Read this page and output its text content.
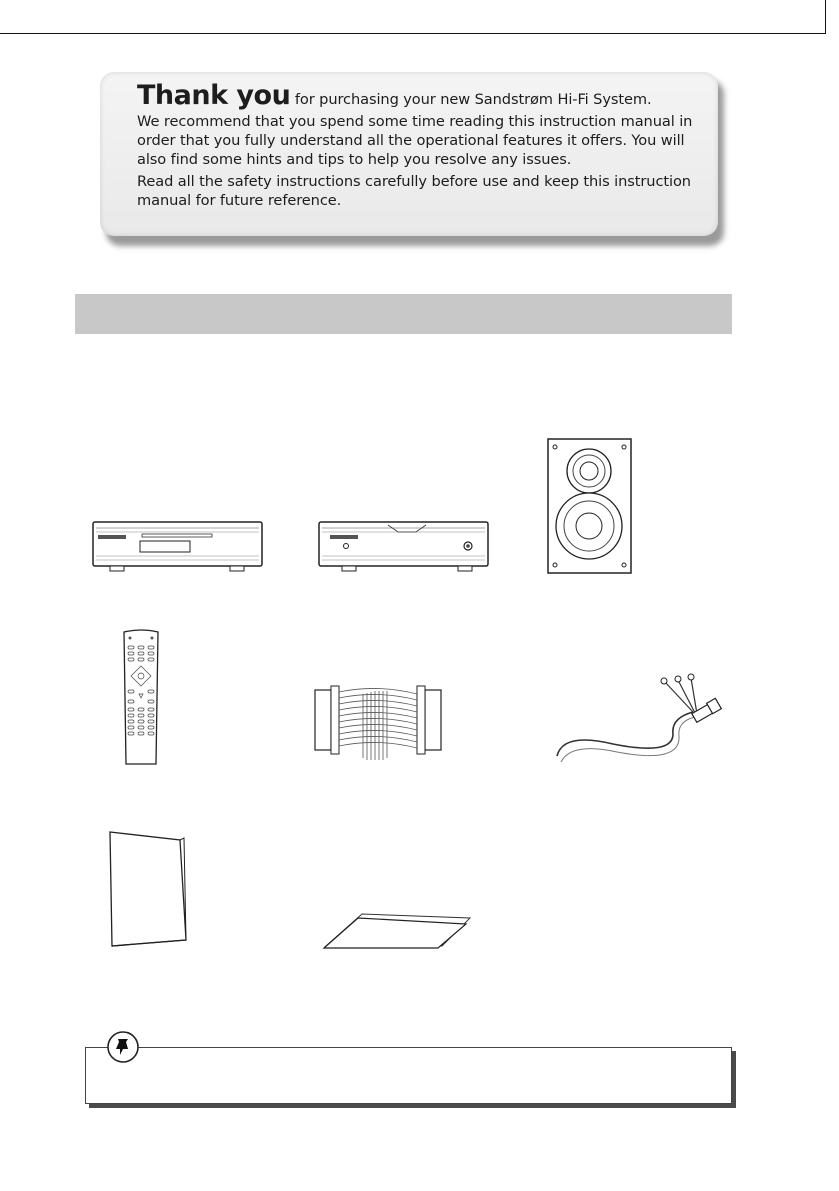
Thank you for purchasing your new Sandstrøm Hi-Fi System.

We recommend that you spend some time reading this instruction manual in order that you fully understand all the operational features it offers. You will also find some hints and tips to help you resolve any issues.

Read all the safety instructions carefully before use and keep this instruction manual for future reference.
